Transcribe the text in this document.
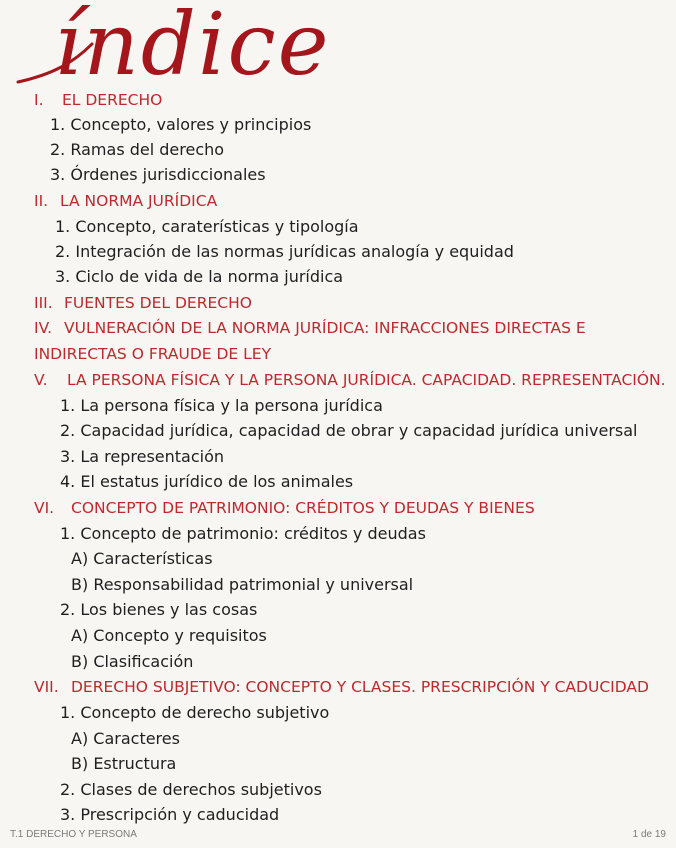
índice
I. EL DERECHO
1. Concepto, valores y principios
2. Ramas del derecho
3. Órdenes jurisdiccionales
II. LA NORMA JURÍDICA
1. Concepto, caraterísticas y tipología
2. Integración de las normas jurídicas analogía y equidad
3. Ciclo de vida de la norma jurídica
III. FUENTES DEL DERECHO
IV. VULNERACIÓN DE LA NORMA JURÍDICA: INFRACCIONES DIRECTAS E
INDIRECTAS O FRAUDE DE LEY
V. LA PERSONA FÍSICA Y LA PERSONA JURÍDICA. CAPACIDAD. REPRESENTACIÓN.
1. La persona física y la persona jurídica
2. Capacidad jurídica, capacidad de obrar y capacidad jurídica universal
3. La representación
4. El estatus jurídico de los animales
VI. CONCEPTO DE PATRIMONIO: CRÉDITOS Y DEUDAS Y BIENES
1. Concepto de patrimonio: créditos y deudas
A) Características
B) Responsabilidad patrimonial y universal
2. Los bienes y las cosas
A) Concepto y requisitos
B) Clasificación
VII. DERECHO SUBJETIVO: CONCEPTO Y CLASES. PRESCRIPCIÓN Y CADUCIDAD
1. Concepto de derecho subjetivo
A) Caracteres
B) Estructura
2. Clases de derechos subjetivos
3. Prescripción y caducidad
T.1 DERECHO Y PERSONA	1 de 19
